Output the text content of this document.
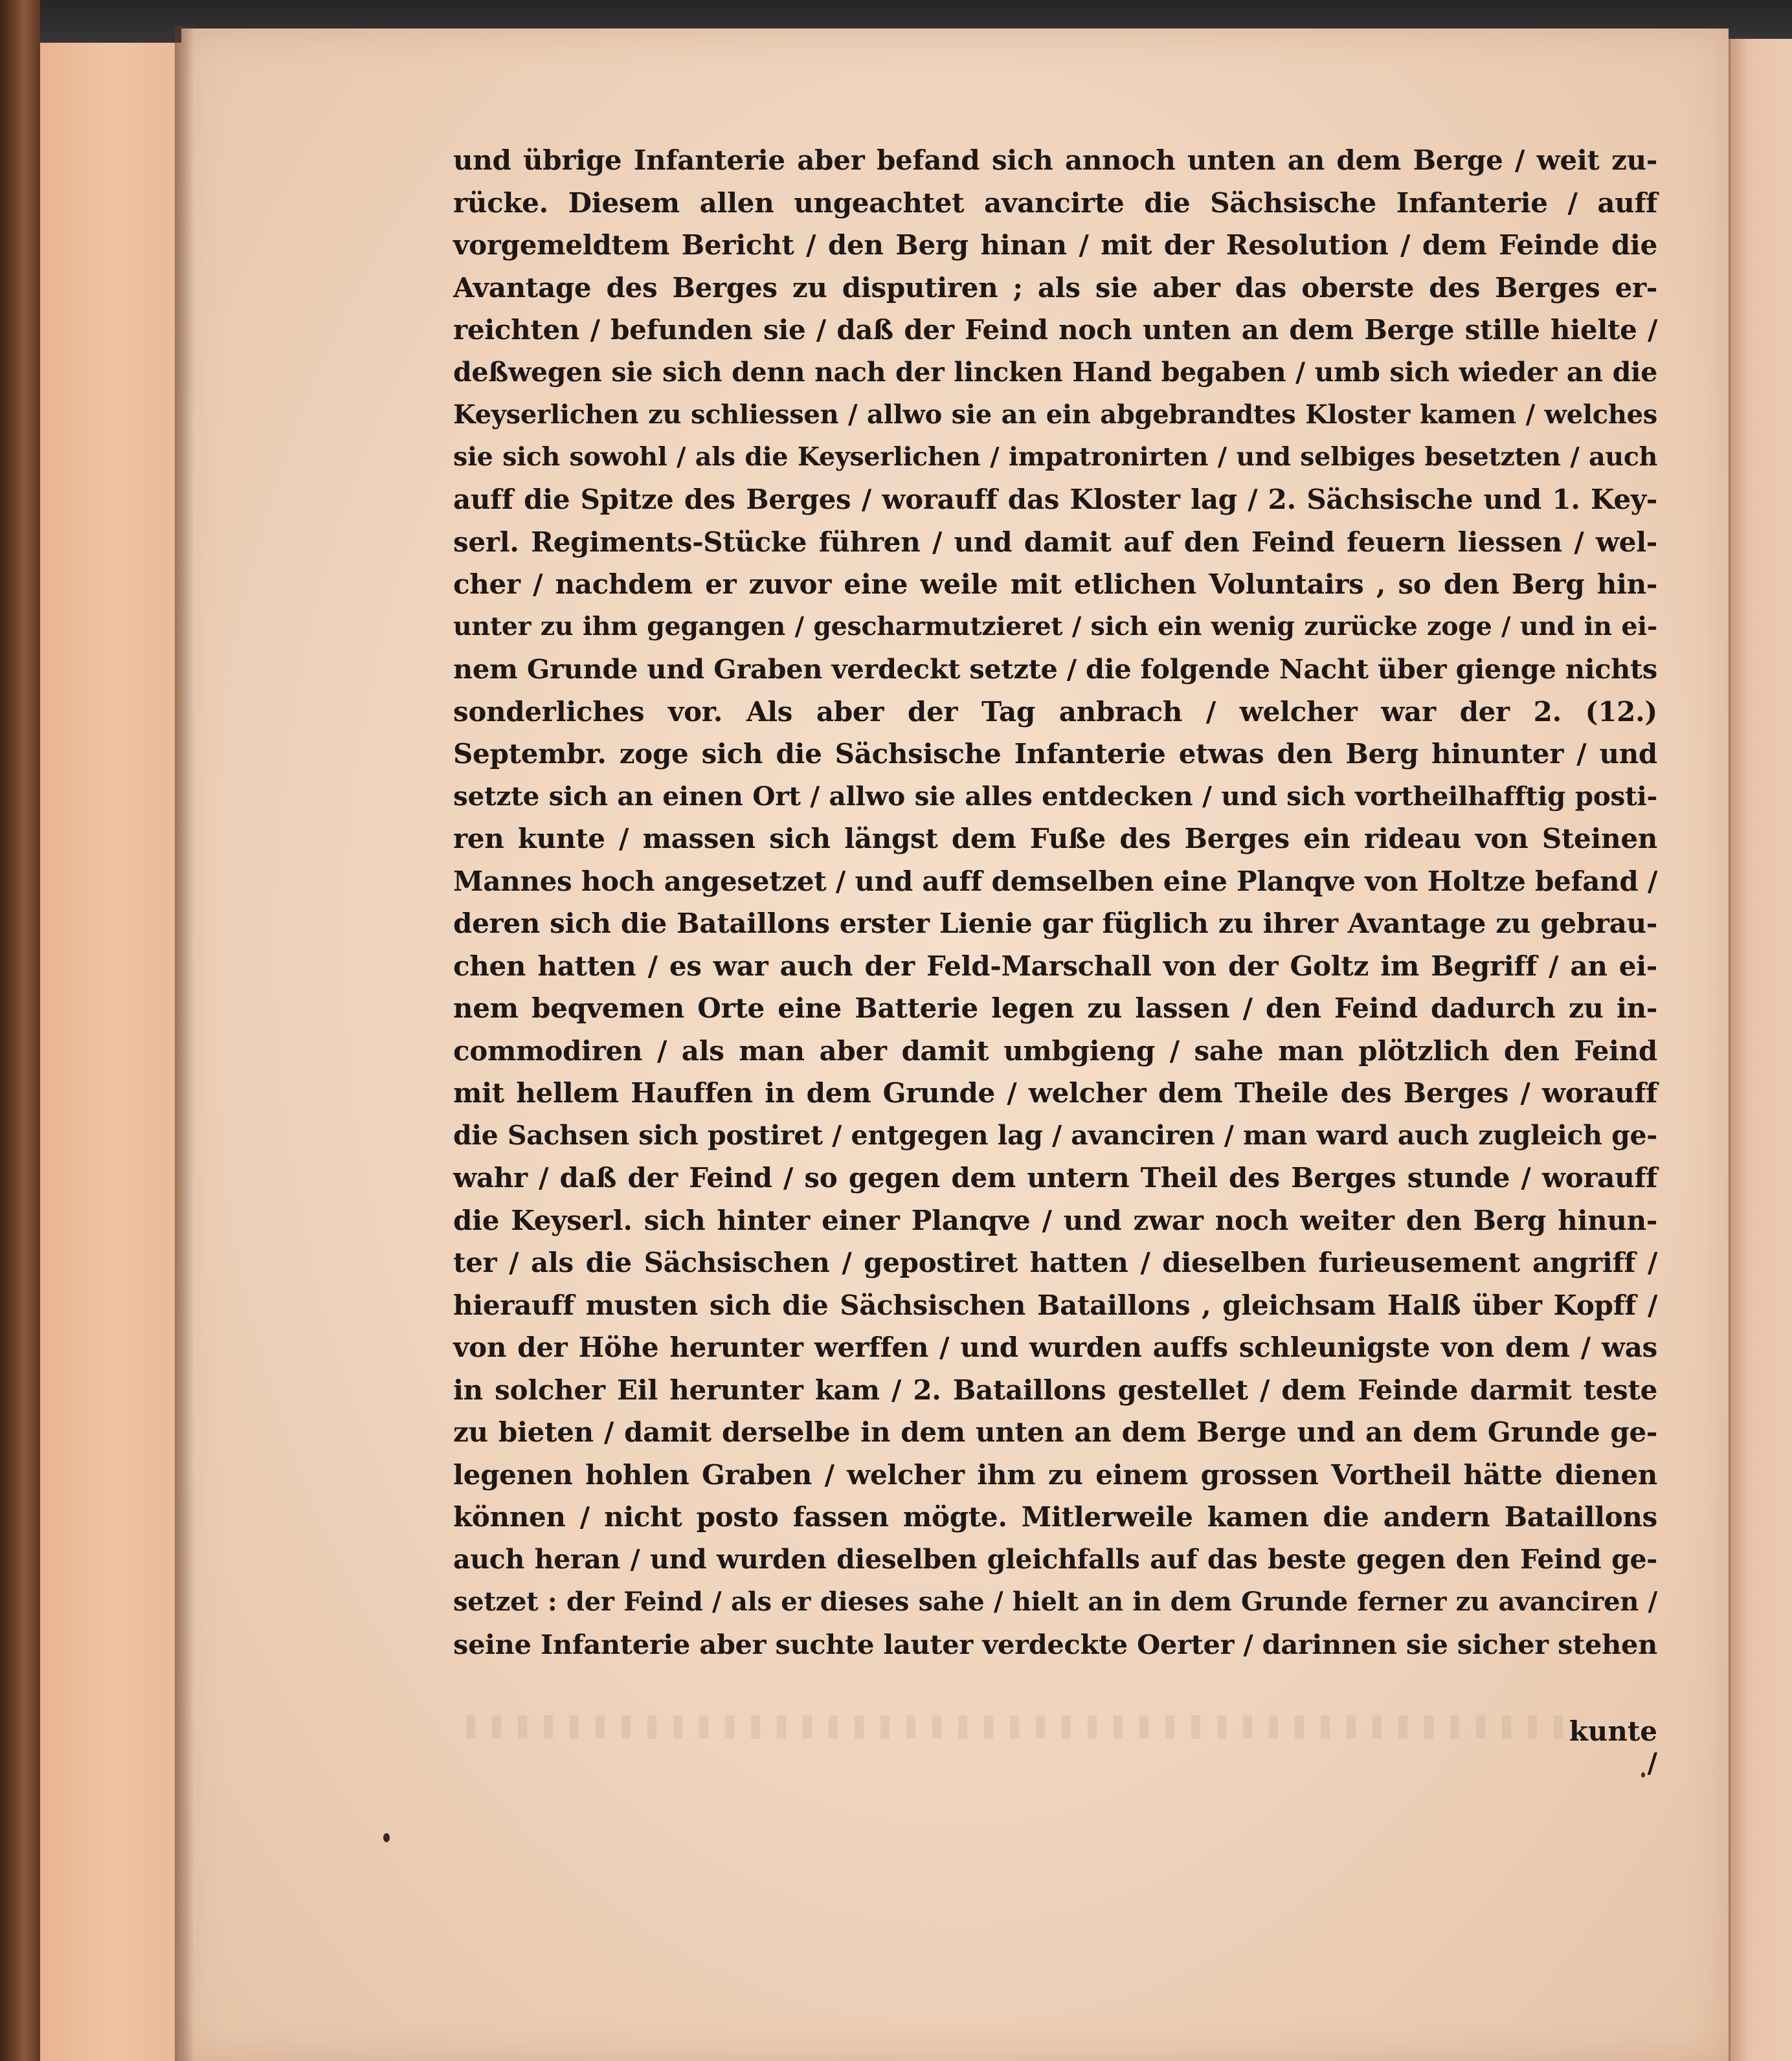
und übrige Infanterie aber befand sich annoch unten an dem Berge / weit zu-
rücke. Diesem allen ungeachtet avancirte die Sächsische Infanterie / auff
vorgemeldtem Bericht / den Berg hinan / mit der Resolution / dem Feinde die
Avantage des Berges zu disputiren ; als sie aber das oberste des Berges er-
reichten / befunden sie / daß der Feind noch unten an dem Berge stille hielte /
deßwegen sie sich denn nach der lincken Hand begaben / umb sich wieder an die
Keyserlichen zu schliessen / allwo sie an ein abgebrandtes Kloster kamen / welches
sie sich sowohl / als die Keyserlichen / impatronirten / und selbiges besetzten / auch
auff die Spitze des Berges / worauff das Kloster lag / 2. Sächsische und 1. Key-
serl. Regiments-Stücke führen / und damit auf den Feind feuern liessen / wel-
cher / nachdem er zuvor eine weile mit etlichen Voluntairs , so den Berg hin-
unter zu ihm gegangen / gescharmutzieret / sich ein wenig zurücke zoge / und in ei-
nem Grunde und Graben verdeckt setzte / die folgende Nacht über gienge nichts
sonderliches vor. Als aber der Tag anbrach / welcher war der 2. (12.)
Septembr. zoge sich die Sächsische Infanterie etwas den Berg hinunter / und
setzte sich an einen Ort / allwo sie alles entdecken / und sich vortheilhafftig posti-
ren kunte / massen sich längst dem Fuße des Berges ein rideau von Steinen
Mannes hoch angesetzet / und auff demselben eine Planqve von Holtze befand /
deren sich die Bataillons erster Lienie gar füglich zu ihrer Avantage zu gebrau-
chen hatten / es war auch der Feld-Marschall von der Goltz im Begriff / an ei-
nem beqvemen Orte eine Batterie legen zu lassen / den Feind dadurch zu in-
commodiren / als man aber damit umbgieng / sahe man plötzlich den Feind
mit hellem Hauffen in dem Grunde / welcher dem Theile des Berges / worauff
die Sachsen sich postiret / entgegen lag / avanciren / man ward auch zugleich ge-
wahr / daß der Feind / so gegen dem untern Theil des Berges stunde / worauff
die Keyserl. sich hinter einer Planqve / und zwar noch weiter den Berg hinun-
ter / als die Sächsischen / gepostiret hatten / dieselben furieusement angriff /
hierauff musten sich die Sächsischen Bataillons , gleichsam Halß über Kopff /
von der Höhe herunter werffen / und wurden auffs schleunigste von dem / was
in solcher Eil herunter kam / 2. Bataillons gestellet / dem Feinde darmit teste
zu bieten / damit derselbe in dem unten an dem Berge und an dem Grunde ge-
legenen hohlen Graben / welcher ihm zu einem grossen Vortheil hätte dienen
können / nicht posto fassen mögte. Mitlerweile kamen die andern Bataillons
auch heran / und wurden dieselben gleichfalls auf das beste gegen den Feind ge-
setzet : der Feind / als er dieses sahe / hielt an in dem Grunde ferner zu avanciren /
seine Infanterie aber suchte lauter verdeckte Oerter / darinnen sie sicher stehen
kunte /
